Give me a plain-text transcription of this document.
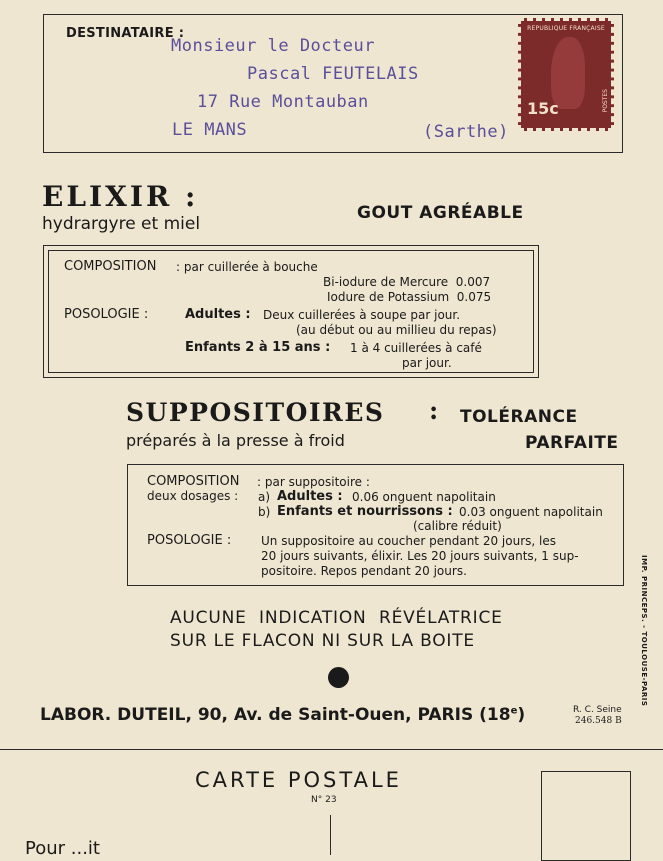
DESTINATAIRE :
Monsieur le Docteur
Pascal FEUTELAIS
17 Rue Montauban
LE MANS	(Sarthe)
REPUBLIQUE FRANÇAISE
15c	POSTES
ELIXIR :
hydrargyre et miel
GOUT AGRÉABLE
COMPOSITION : par cuillerée à bouche
Bi-iodure de Mercure  0.007
Iodure de Potassium  0.075
POSOLOGIE :	Adultes : Deux cuillerées à soupe par jour.
(au début ou au millieu du repas)
Enfants 2 à 15 ans : 1 à 4 cuillerées à café
par jour.
SUPPOSITOIRES : TOLÉRANCE
préparés à la presse à froid	PARFAITE
COMPOSITION : par suppositoire :
deux dosages : a) Adultes : 0.06 onguent napolitain
b) Enfants et nourrissons : 0.03 onguent napolitain
(calibre réduit)
POSOLOGIE : Un suppositoire au coucher pendant 20 jours, les
20 jours suivants, élixir. Les 20 jours suivants, 1 sup-
positoire. Repos pendant 20 jours.
AUCUNE  INDICATION  RÉVÉLATRICE
SUR LE FLACON NI SUR LA BOITE
LABOR. DUTEIL, 90, Av. de Saint-Ouen, PARIS (18e)	R. C. Seine
246.548 B
IMP. PRINCEPS. - TOULOUSE-PARIS
CARTE POSTALE
N° 23
Pour ...it
